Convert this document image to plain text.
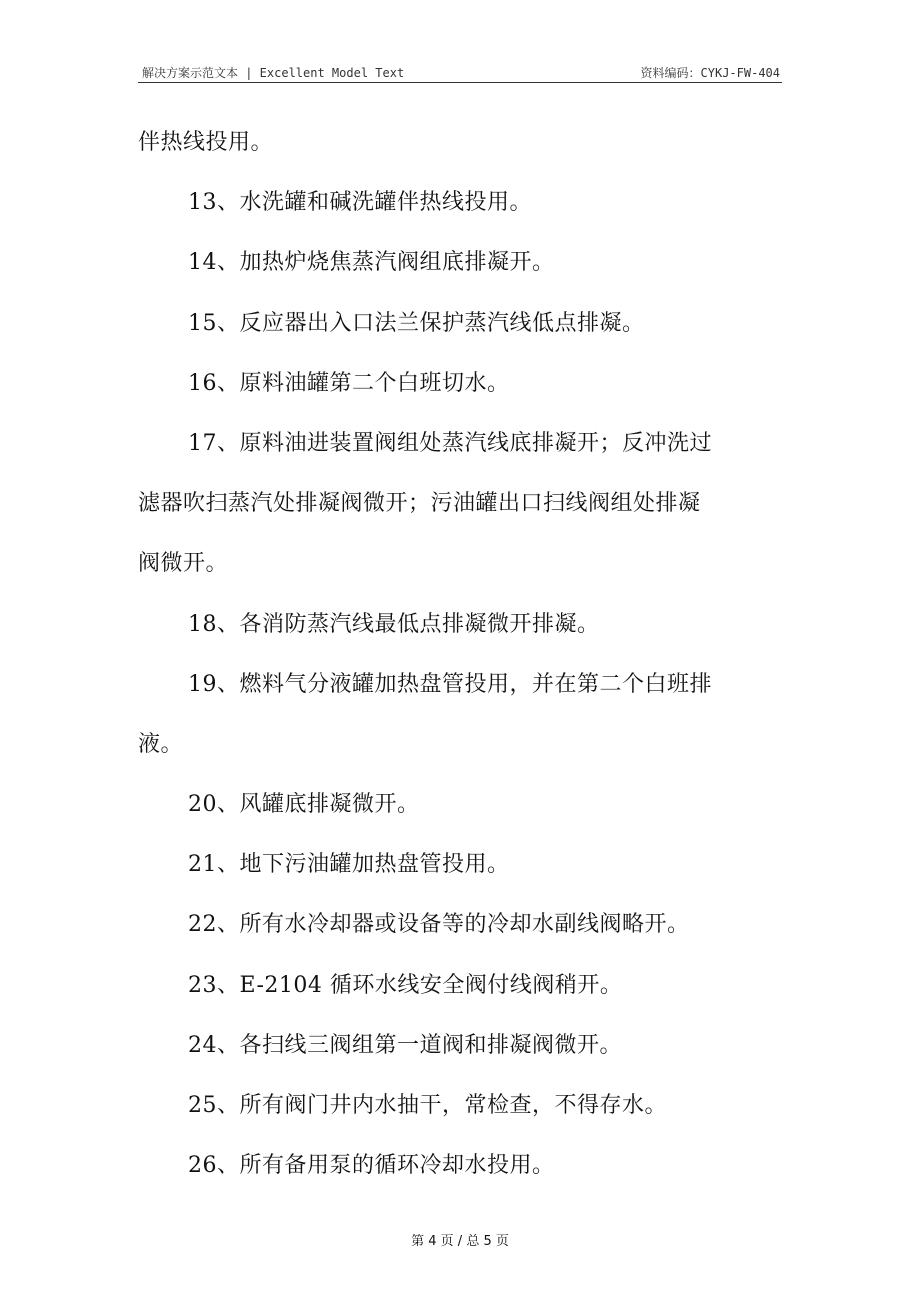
解决方案示范文本 | Excellent Model Text	资料编码：CYKJ-FW-404
伴热线投用。
13、水洗罐和碱洗罐伴热线投用。
14、加热炉烧焦蒸汽阀组底排凝开。
15、反应器出入口法兰保护蒸汽线低点排凝。
16、原料油罐第二个白班切水。
17、原料油进装置阀组处蒸汽线底排凝开；反冲洗过
滤器吹扫蒸汽处排凝阀微开；污油罐出口扫线阀组处排凝
阀微开。
18、各消防蒸汽线最低点排凝微开排凝。
19、燃料气分液罐加热盘管投用，并在第二个白班排
液。
20、风罐底排凝微开。
21、地下污油罐加热盘管投用。
22、所有水冷却器或设备等的冷却水副线阀略开。
23、E-2104 循环水线安全阀付线阀稍开。
24、各扫线三阀组第一道阀和排凝阀微开。
25、所有阀门井内水抽干，常检查，不得存水。
26、所有备用泵的循环冷却水投用。
第 4 页 / 总 5 页
